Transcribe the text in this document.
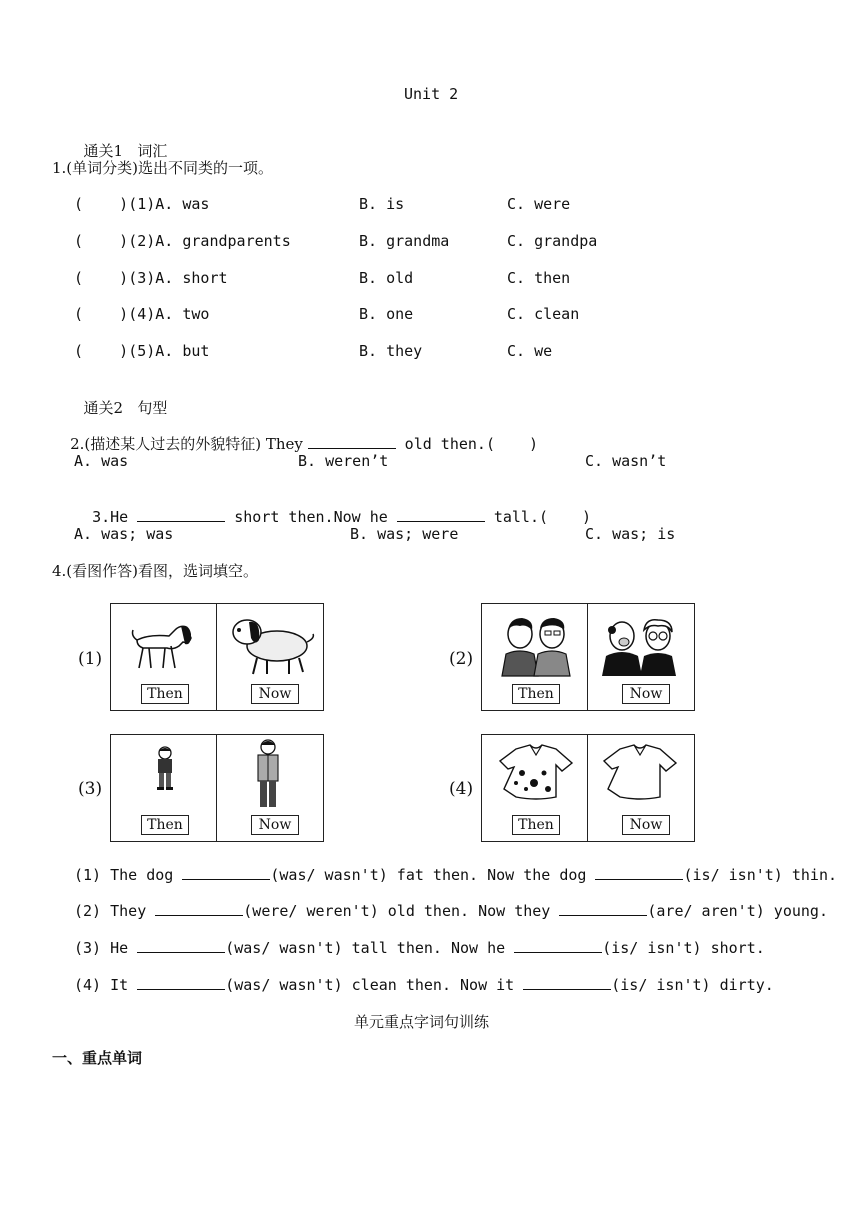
Unit 2

通关1 词汇

1.(单词分类)选出不同类的一项。
(    )(1)A. was	B. is	C. were
(    )(2)A. grandparents	B. grandma	C. grandpa
(    )(3)A. short	B. old	C. then
(    )(4)A. two	B. one	C. clean
(    )(5)A. but	B. they	C. we

通关2 句型

2.(描述某人过去的外貌特征) They	old then.( )

A. was	B. weren’t	C. wasn’t

3.He	short then.Now he	tall.( )

A. was; was	B. was; were	C. was; is
4.(看图作答)看图，选词填空。
(1)
Then	Now
(2)
Then	Now
(3)
Then	Now
(4)
Then	Now
(1) The dog	(was/ wasn't) fat then. Now the dog	(is/ isn't) thin.
(2) They	(were/ weren't) old then. Now they	(are/ aren't) young.
(3) He	(was/ wasn't) tall then. Now he	(is/ isn't) short.
(4) It	(was/ wasn't) clean then. Now it	(is/ isn't) dirty.
单元重点字词句训练
一、重点单词
